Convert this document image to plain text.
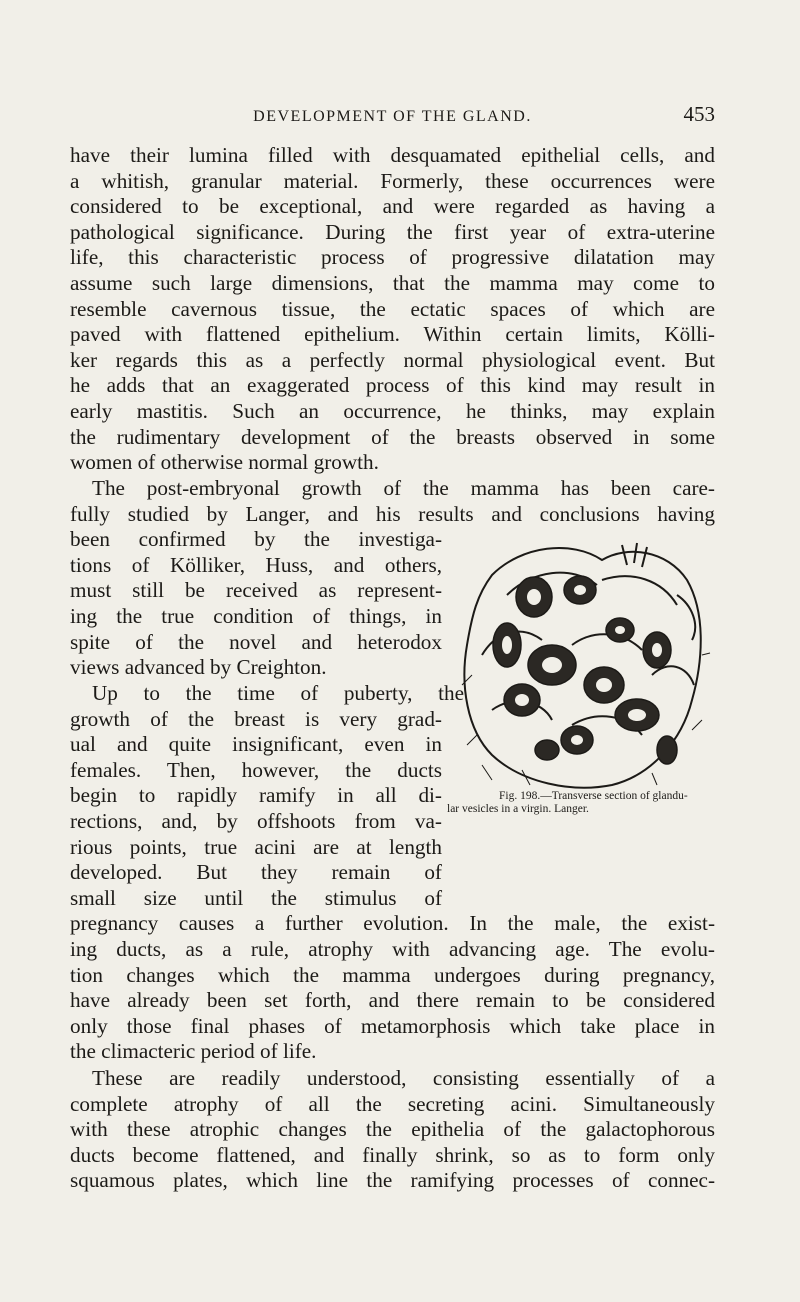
DEVELOPMENT OF THE GLAND.	453
have their lumina filled with desquamated epithelial cells, and
a whitish, granular material. Formerly, these occurrences were
considered to be exceptional, and were regarded as having a
pathological significance. During the first year of extra-uterine
life, this characteristic process of progressive dilatation may
assume such large dimensions, that the mamma may come to
resemble cavernous tissue, the ectatic spaces of which are
paved with flattened epithelium. Within certain limits, Kölli-
ker regards this as a perfectly normal physiological event. But
he adds that an exaggerated process of this kind may result in
early mastitis. Such an occurrence, he thinks, may explain
the rudimentary development of the breasts observed in some
women of otherwise normal growth.
The post-embryonal growth of the mamma has been care-
fully studied by Langer, and his results and conclusions having
been confirmed by the investiga-
tions of Kölliker, Huss, and others,
must still be received as represent-
ing the true condition of things, in
spite of the novel and heterodox
views advanced by Creighton.
Up to the time of puberty, the
growth of the breast is very grad-
ual and quite insignificant, even in
females. Then, however, the ducts
begin to rapidly ramify in all di-
rections, and, by offshoots from va-
rious points, true acini are at length
developed. But they remain of
small size until the stimulus of
pregnancy causes a further evolution. In the male, the exist-
ing ducts, as a rule, atrophy with advancing age. The evolu-
tion changes which the mamma undergoes during pregnancy,
have already been set forth, and there remain to be considered
only those final phases of metamorphosis which take place in
the climacteric period of life.
These are readily understood, consisting essentially of a
complete atrophy of all the secreting acini. Simultaneously
with these atrophic changes the epithelia of the galactophorous
ducts become flattened, and finally shrink, so as to form only
squamous plates, which line the ramifying processes of connec-
Fig. 198.—Transverse section of glandu-
lar vesicles in a virgin. Langer.
